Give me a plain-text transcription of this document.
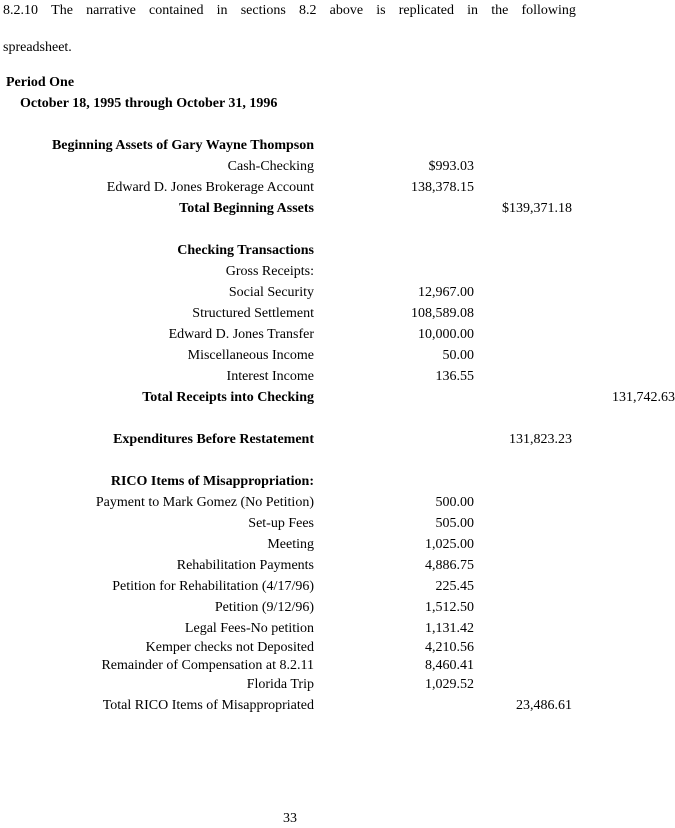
8.2.10 The narrative contained in sections 8.2 above is replicated in the following
spreadsheet.
Period One
October 18, 1995 through October 31, 1996
Beginning Assets of Gary Wayne Thompson
Cash-Checking	$993.03
Edward D. Jones Brokerage Account	138,378.15
Total Beginning Assets	$139,371.18
Checking Transactions
Gross Receipts:
Social Security	12,967.00
Structured Settlement	108,589.08
Edward D. Jones Transfer	10,000.00
Miscellaneous Income	50.00
Interest Income	136.55
Total Receipts into Checking	131,742.63
Expenditures Before Restatement	131,823.23
RICO Items of Misappropriation:
Payment to Mark Gomez (No Petition)	500.00
Set-up Fees	505.00
Meeting	1,025.00
Rehabilitation Payments	4,886.75
Petition for Rehabilitation (4/17/96)	225.45
Petition (9/12/96)	1,512.50
Legal Fees-No petition	1,131.42
Kemper checks not Deposited	4,210.56
Remainder of Compensation at 8.2.11	8,460.41
Florida Trip	1,029.52
Total RICO Items of Misappropriated	23,486.61
33
